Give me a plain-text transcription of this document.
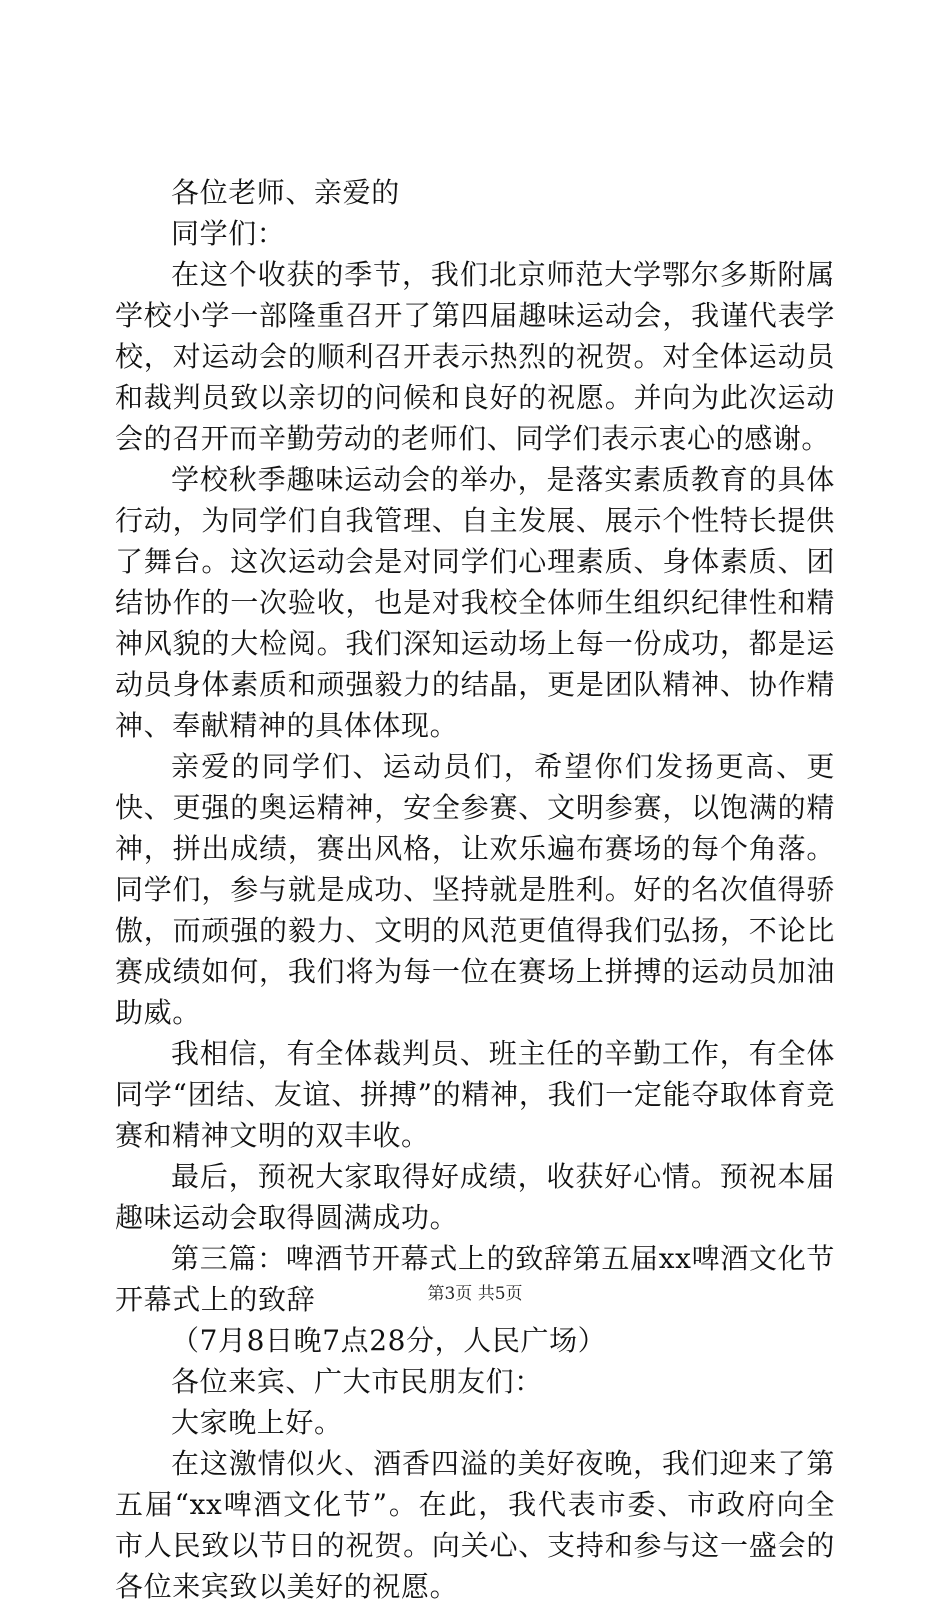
各位老师、亲爱的

同学们：

在这个收获的季节，我们北京师范大学鄂尔多斯附属学校小学一部隆重召开了第四届趣味运动会，我谨代表学校，对运动会的顺利召开表示热烈的祝贺。对全体运动员和裁判员致以亲切的问候和良好的祝愿。并向为此次运动会的召开而辛勤劳动的老师们、同学们表示衷心的感谢。

学校秋季趣味运动会的举办，是落实素质教育的具体行动，为同学们自我管理、自主发展、展示个性特长提供了舞台。这次运动会是对同学们心理素质、身体素质、团结协作的一次验收，也是对我校全体师生组织纪律性和精神风貌的大检阅。我们深知运动场上每一份成功，都是运动员身体素质和顽强毅力的结晶，更是团队精神、协作精神、奉献精神的具体体现。

亲爱的同学们、运动员们，希望你们发扬更高、更快、更强的奥运精神，安全参赛、文明参赛，以饱满的精神，拼出成绩，赛出风格，让欢乐遍布赛场的每个角落。同学们，参与就是成功、坚持就是胜利。好的名次值得骄傲，而顽强的毅力、文明的风范更值得我们弘扬，不论比赛成绩如何，我们将为每一位在赛场上拼搏的运动员加油助威。

我相信，有全体裁判员、班主任的辛勤工作，有全体同学“团结、友谊、拼搏”的精神，我们一定能夺取体育竞赛和精神文明的双丰收。

最后，预祝大家取得好成绩，收获好心情。预祝本届趣味运动会取得圆满成功。

第三篇：啤酒节开幕式上的致辞第五届xx啤酒文化节开幕式上的致辞

（7月8日晚7点28分，人民广场）

各位来宾、广大市民朋友们：

大家晚上好。

在这激情似火、酒香四溢的美好夜晚，我们迎来了第五届“xx啤酒文化节”。在此，我代表市委、市政府向全市人民致以节日的祝贺。向关心、支持和参与这一盛会的各位来宾致以美好的祝愿。

第3页 共5页
